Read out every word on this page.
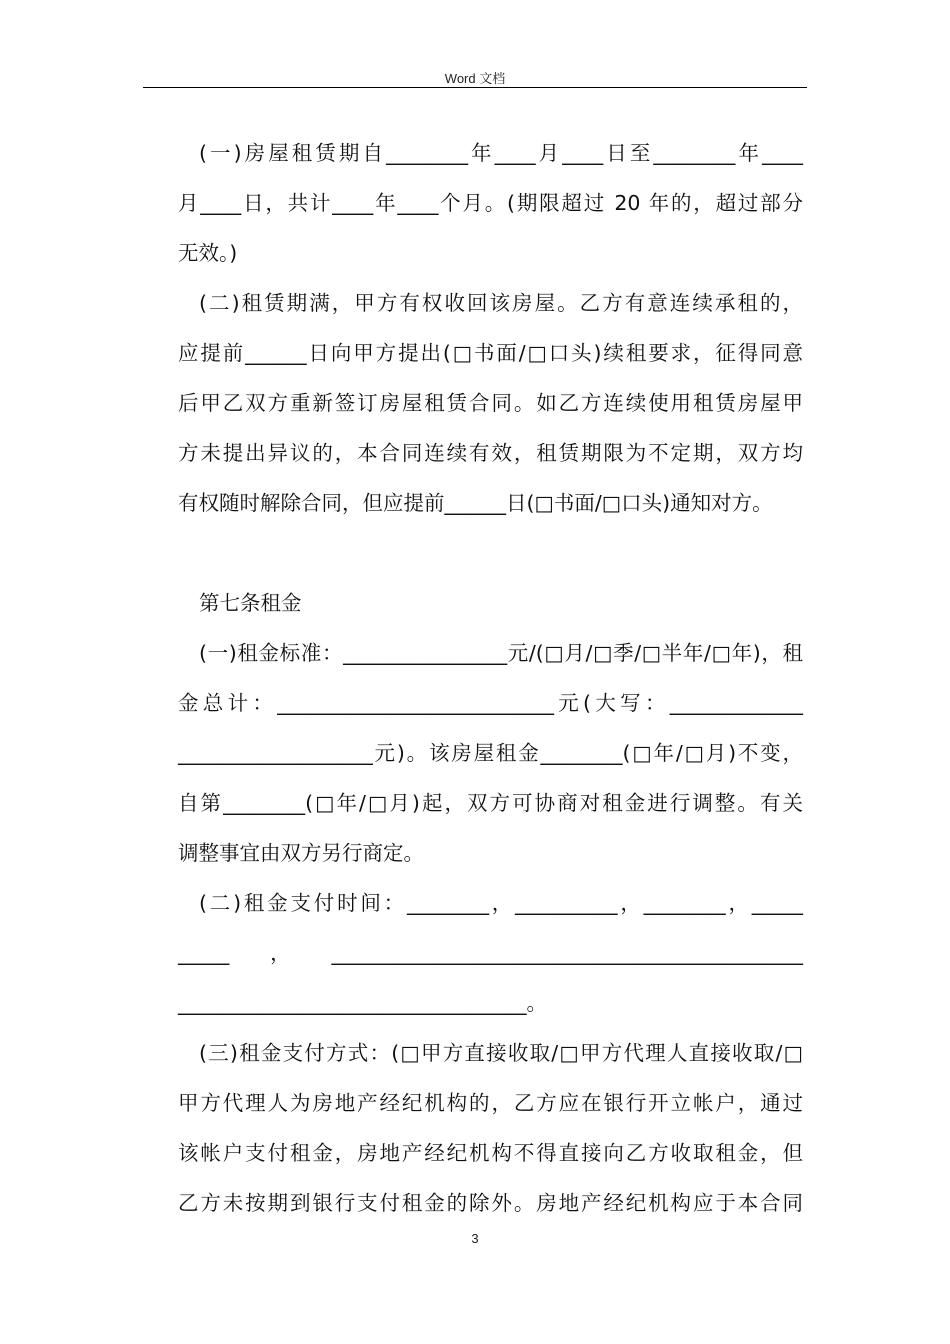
Word 文档
(一)房屋租赁期自________年____月____日至________年____
月____日，共计____年____个月。(期限超过 20 年的，超过部分
无效。)
(二)租赁期满，甲方有权收回该房屋。乙方有意连续承租的，
应提前______日向甲方提出(□书面/□口头)续租要求，征得同意
后甲乙双方重新签订房屋租赁合同。如乙方连续使用租赁房屋甲
方未提出异议的，本合同连续有效，租赁期限为不定期，双方均
有权随时解除合同，但应提前______日(□书面/□口头)通知对方。
第七条租金
(一)租金标准：________________元/(□月/□季/□半年/□年)，租
金总计：___________________________元(大写：_____________
___________________元)。该房屋租金________(□年/□月)不变，
自第________(□年/□月)起，双方可协商对租金进行调整。有关
调整事宜由双方另行商定。
(二)租金支付时间：________，__________，________，_____
_____，______________________________________________
__________________________________。
(三)租金支付方式：(□甲方直接收取/□甲方代理人直接收取/□
甲方代理人为房地产经纪机构的，乙方应在银行开立帐户，通过
该帐户支付租金，房地产经纪机构不得直接向乙方收取租金，但
乙方未按期到银行支付租金的除外。房地产经纪机构应于本合同
3
